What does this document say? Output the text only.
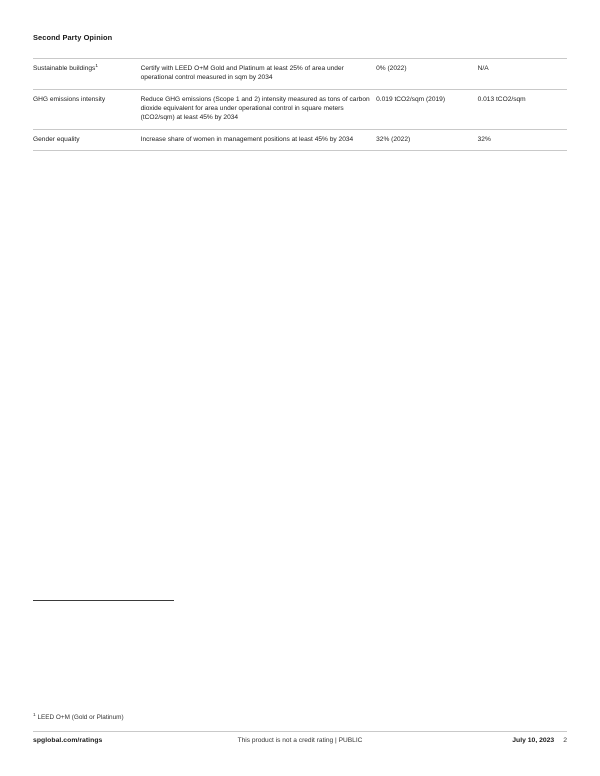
Second Party Opinion
Sustainable buildings$^1$	Certify with LEED O+M Gold and Platinum at least 25% of area under operational control measured in sqm by 2034	0% (2022)	N/A
GHG emissions intensity	Reduce GHG emissions (Scope 1 and 2) intensity measured as tons of carbon dioxide equivalent for area under operational control in square meters (tCO2/sqm) at least 45% by 2034	0.019 tCO2/sqm (2019)	0.013 tCO2/sqm
Gender equality	Increase share of women in management positions at least 45% by 2034	32% (2022)	32%
$^1$ LEED O+M (Gold or Platinum)
spglobal.com/ratings	This product is not a credit rating | PUBLIC	July 10, 2023 2
